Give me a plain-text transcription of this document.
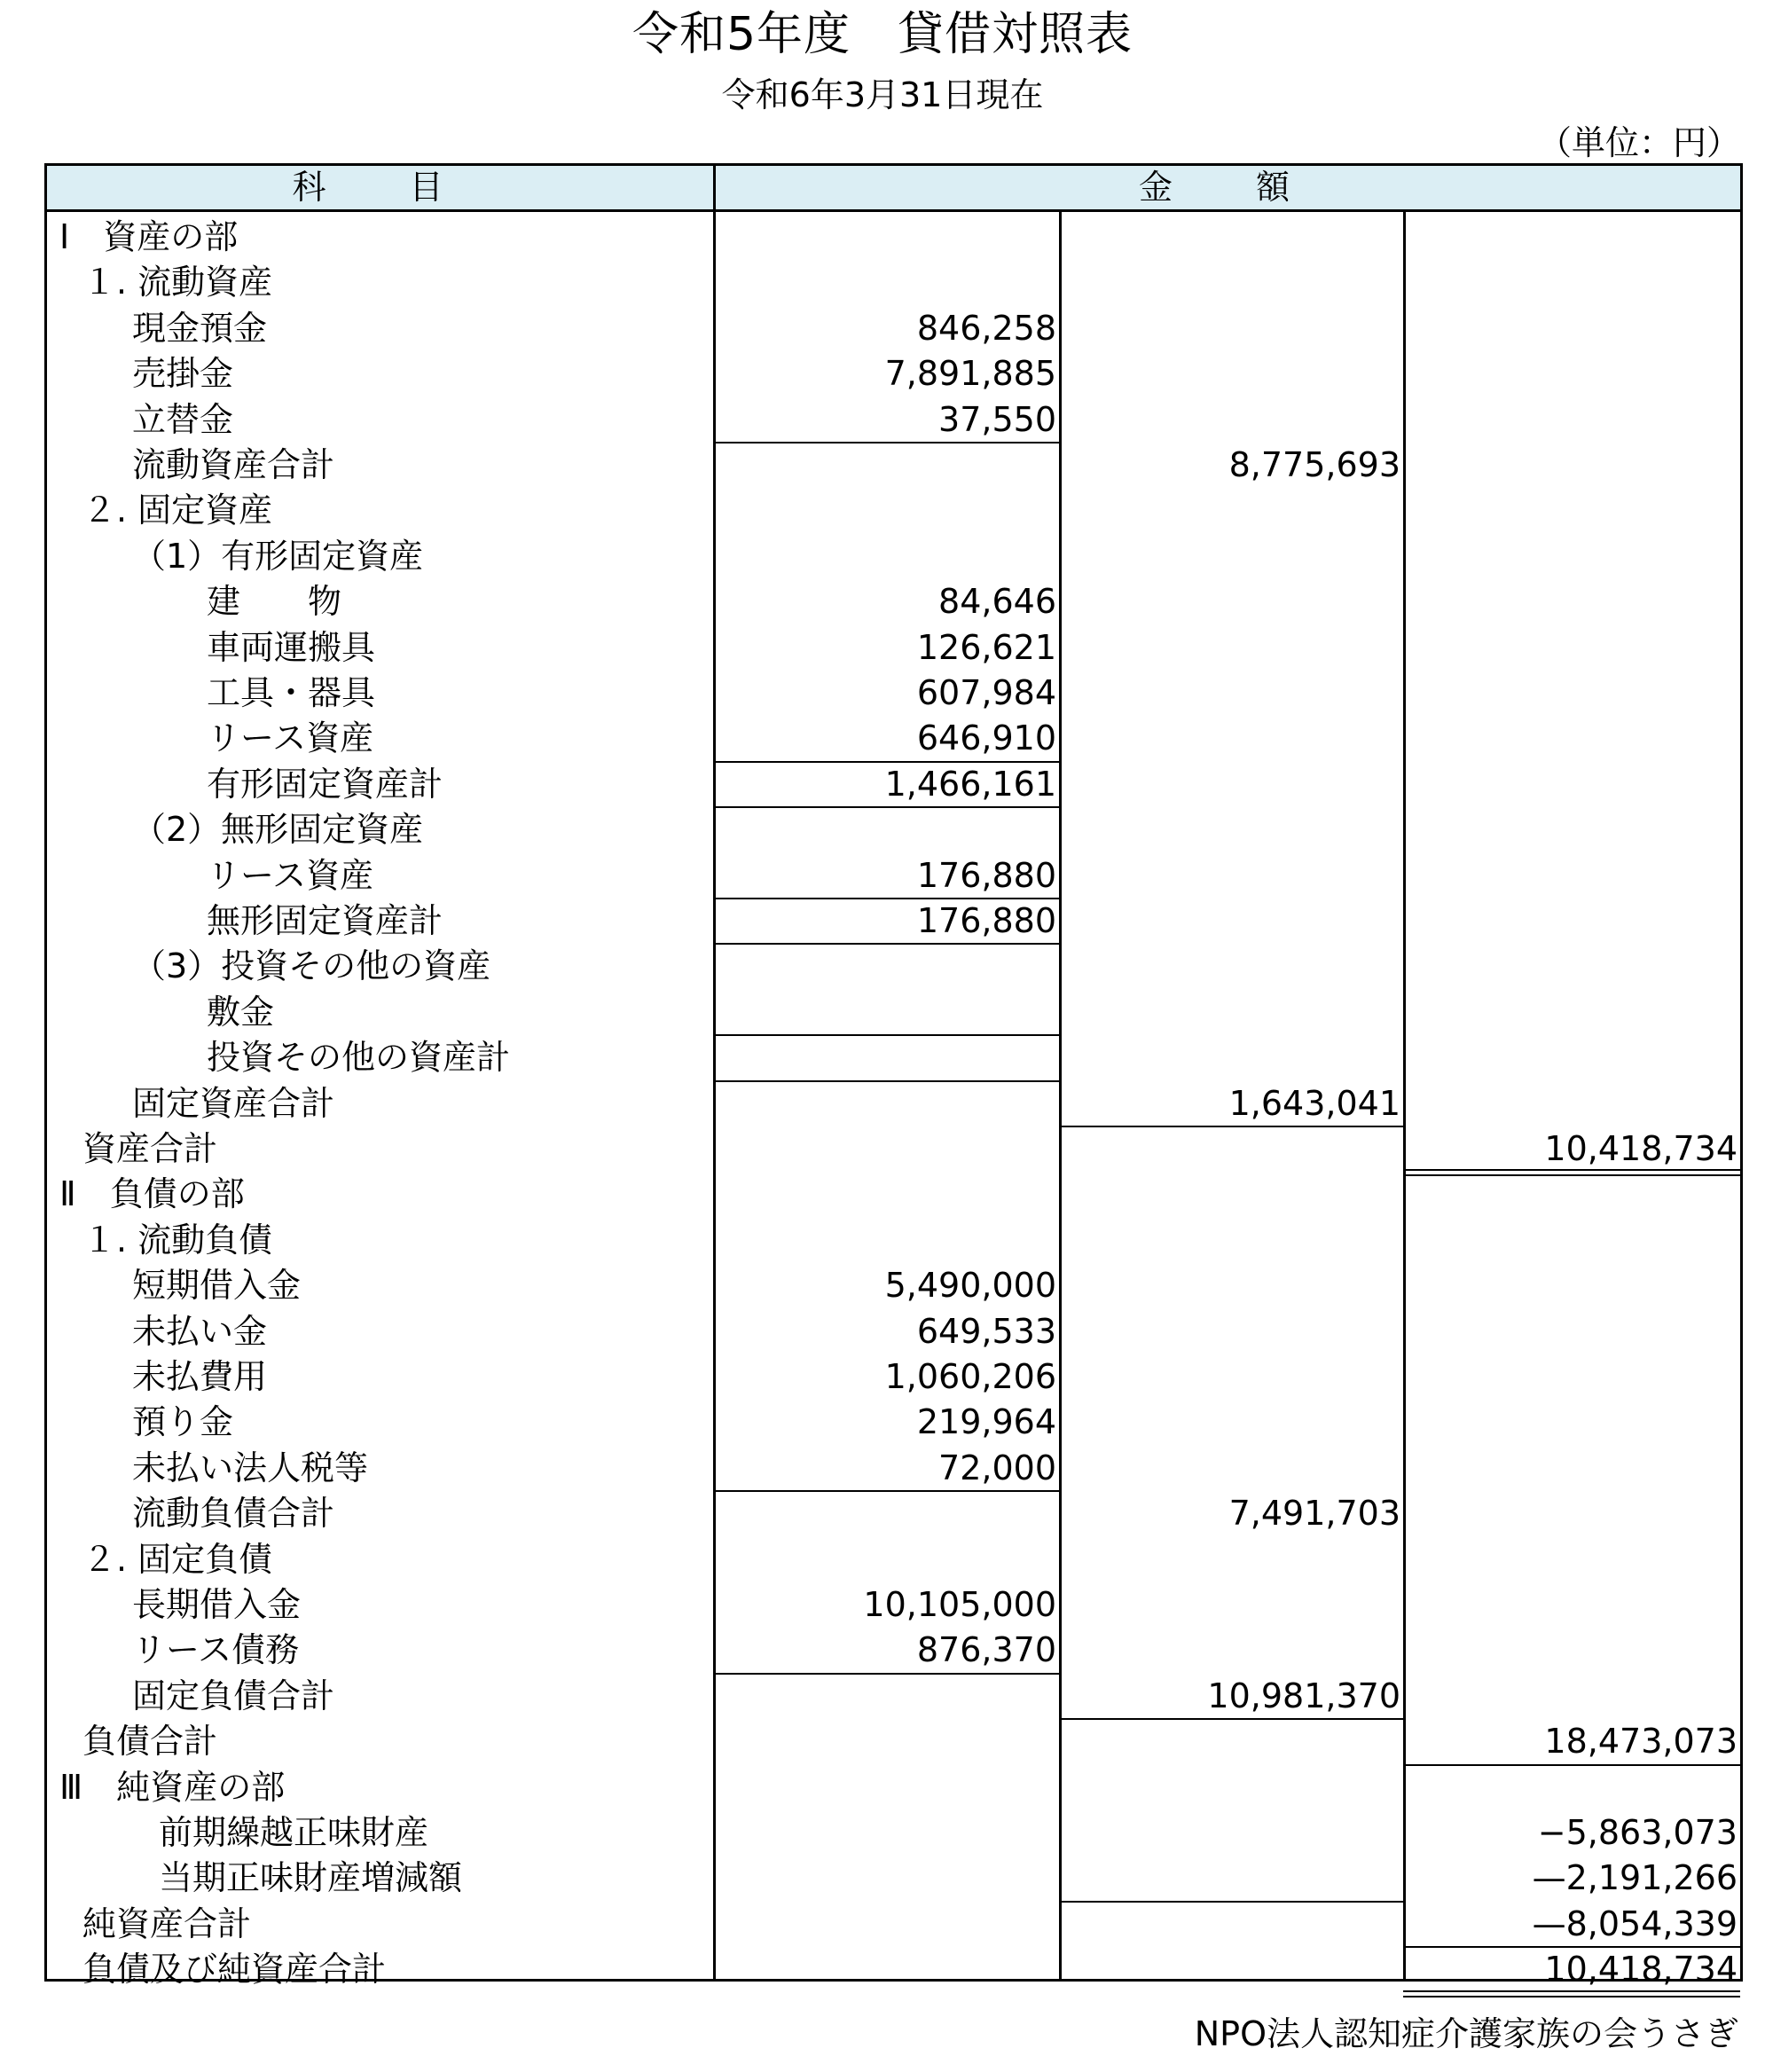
令和5年度　貸借対照表
令和6年3月31日現在
（単位：円）
科　目	金　額
Ⅰ　資産の部
１. 流動資産
現金預金	846,258
売掛金	7,891,885
立替金	37,550
流動資産合計	8,775,693
２. 固定資産
（1）有形固定資産
建　　物	84,646
車両運搬具	126,621
工具・器具	607,984
リース資産	646,910
有形固定資産計	1,466,161
（2）無形固定資産
リース資産	176,880
無形固定資産計	176,880
（3）投資その他の資産
敷金
投資その他の資産計
固定資産合計	1,643,041
資産合計	10,418,734
Ⅱ　負債の部
１. 流動負債
短期借入金	5,490,000
未払い金	649,533
未払費用	1,060,206
預り金	219,964
未払い法人税等	72,000
流動負債合計	7,491,703
２. 固定負債
長期借入金	10,105,000
リース債務	876,370
固定負債合計	10,981,370
負債合計	18,473,073
Ⅲ　純資産の部
前期繰越正味財産	−5,863,073
当期正味財産増減額	—2,191,266
純資産合計	—8,054,339
負債及び純資産合計	10,418,734
NPO法人認知症介護家族の会うさぎ
